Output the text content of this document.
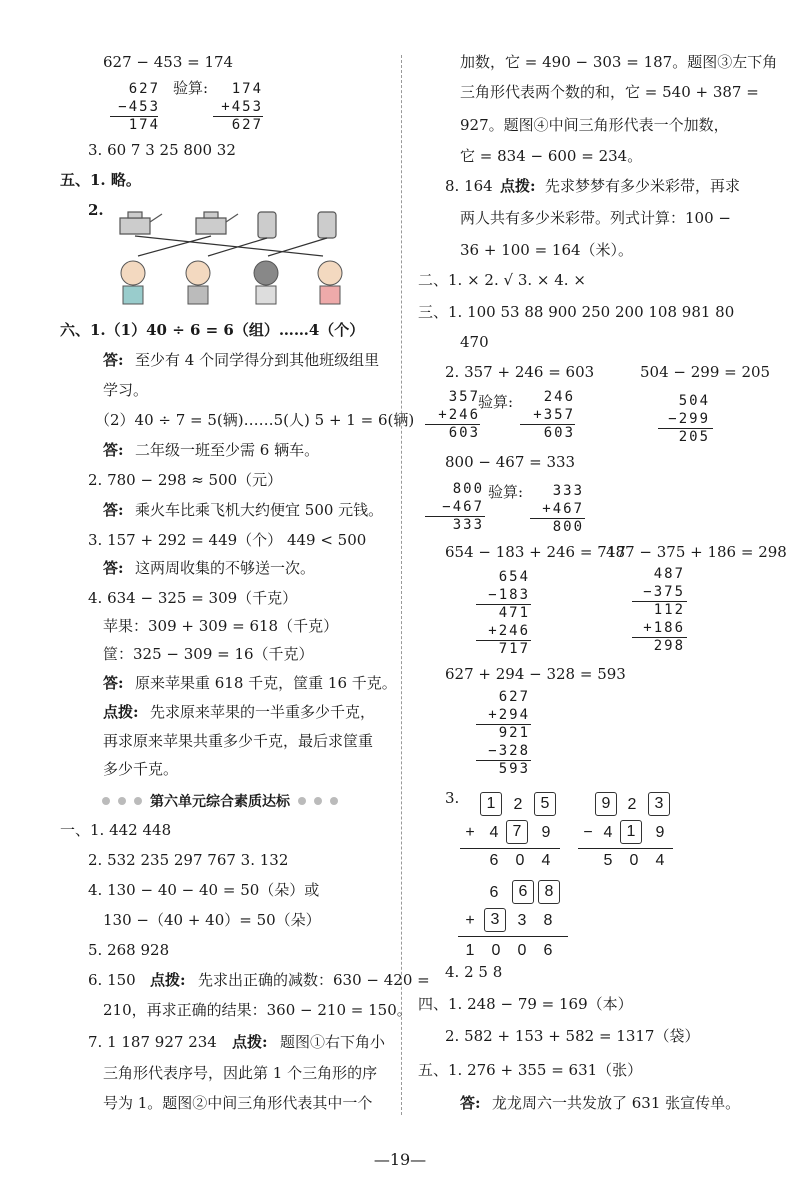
627 − 453 = 174
627
−453
174
验算:	174
+453
627
3. 60 7 3 25 800 32
五、1. 略。
2.
六、1.（1）40 ÷ 6 = 6（组）……4（个）
答: 至少有 4 个同学得分到其他班级组里
学习。
（2）40 ÷ 7 = 5(辆)……5(人) 5 + 1 = 6(辆)
答: 二年级一班至少需 6 辆车。
2. 780 − 298 ≈ 500（元）
答: 乘火车比乘飞机大约便宜 500 元钱。
3. 157 + 292 = 449（个） 449 < 500
答: 这两周收集的不够送一次。
4. 634 − 325 = 309（千克）
苹果：309 + 309 = 618（千克）
筐：325 − 309 = 16（千克）
答: 原来苹果重 618 千克，筐重 16 千克。
点拨: 先求原来苹果的一半重多少千克，
再求原来苹果共重多少千克，最后求筐重
多少千克。
第六单元综合素质达标
一、1. 442 448
2. 532 235 297 767 3. 132
4. 130 − 40 − 40 = 50（朵）或
130 −（40 + 40）= 50（朵）
5. 268 928
6. 150 点拨: 先求出正确的减数：630 − 420 =
210，再求正确的结果：360 − 210 = 150。
7. 1 187 927 234 点拨: 题图①右下角小
三角形代表序号，因此第 1 个三角形的序
号为 1。题图②中间三角形代表其中一个
加数，它 = 490 − 303 = 187。题图③左下角
三角形代表两个数的和，它 = 540 + 387 =
927。题图④中间三角形代表一个加数，
它 = 834 − 600 = 234。
8. 164 点拨: 先求梦梦有多少米彩带，再求
两人共有多少米彩带。列式计算：100 −
36 + 100 = 164（米）。
二、1. × 2. √ 3. × 4. ×
三、1. 100 53 88 900 250 200 108 981 80
470
2. 357 + 246 = 603	504 − 299 = 205
357
+246
603
验算:	246
+357
603
504
−299
205
800 − 467 = 333
800
−467
333
验算:	333
+467
800
654 − 183 + 246 = 717
487 − 375 + 186 = 298
654
−183
471
+246
717
487
−375
112
+186
298
627 + 294 − 328 = 593
627
+294
921
−328
593
3.	1	2	5
+ 4 7	9
6	0	4
9	2	3
− 4 1	9
5	0	4
6	6	8
+ 3	3	8
1	0	0	6
4. 2 5 8
四、1. 248 − 79 = 169（本）
2. 582 + 153 + 582 = 1317（袋）
五、1. 276 + 355 = 631（张）
答: 龙龙周六一共发放了 631 张宣传单。
—19—
